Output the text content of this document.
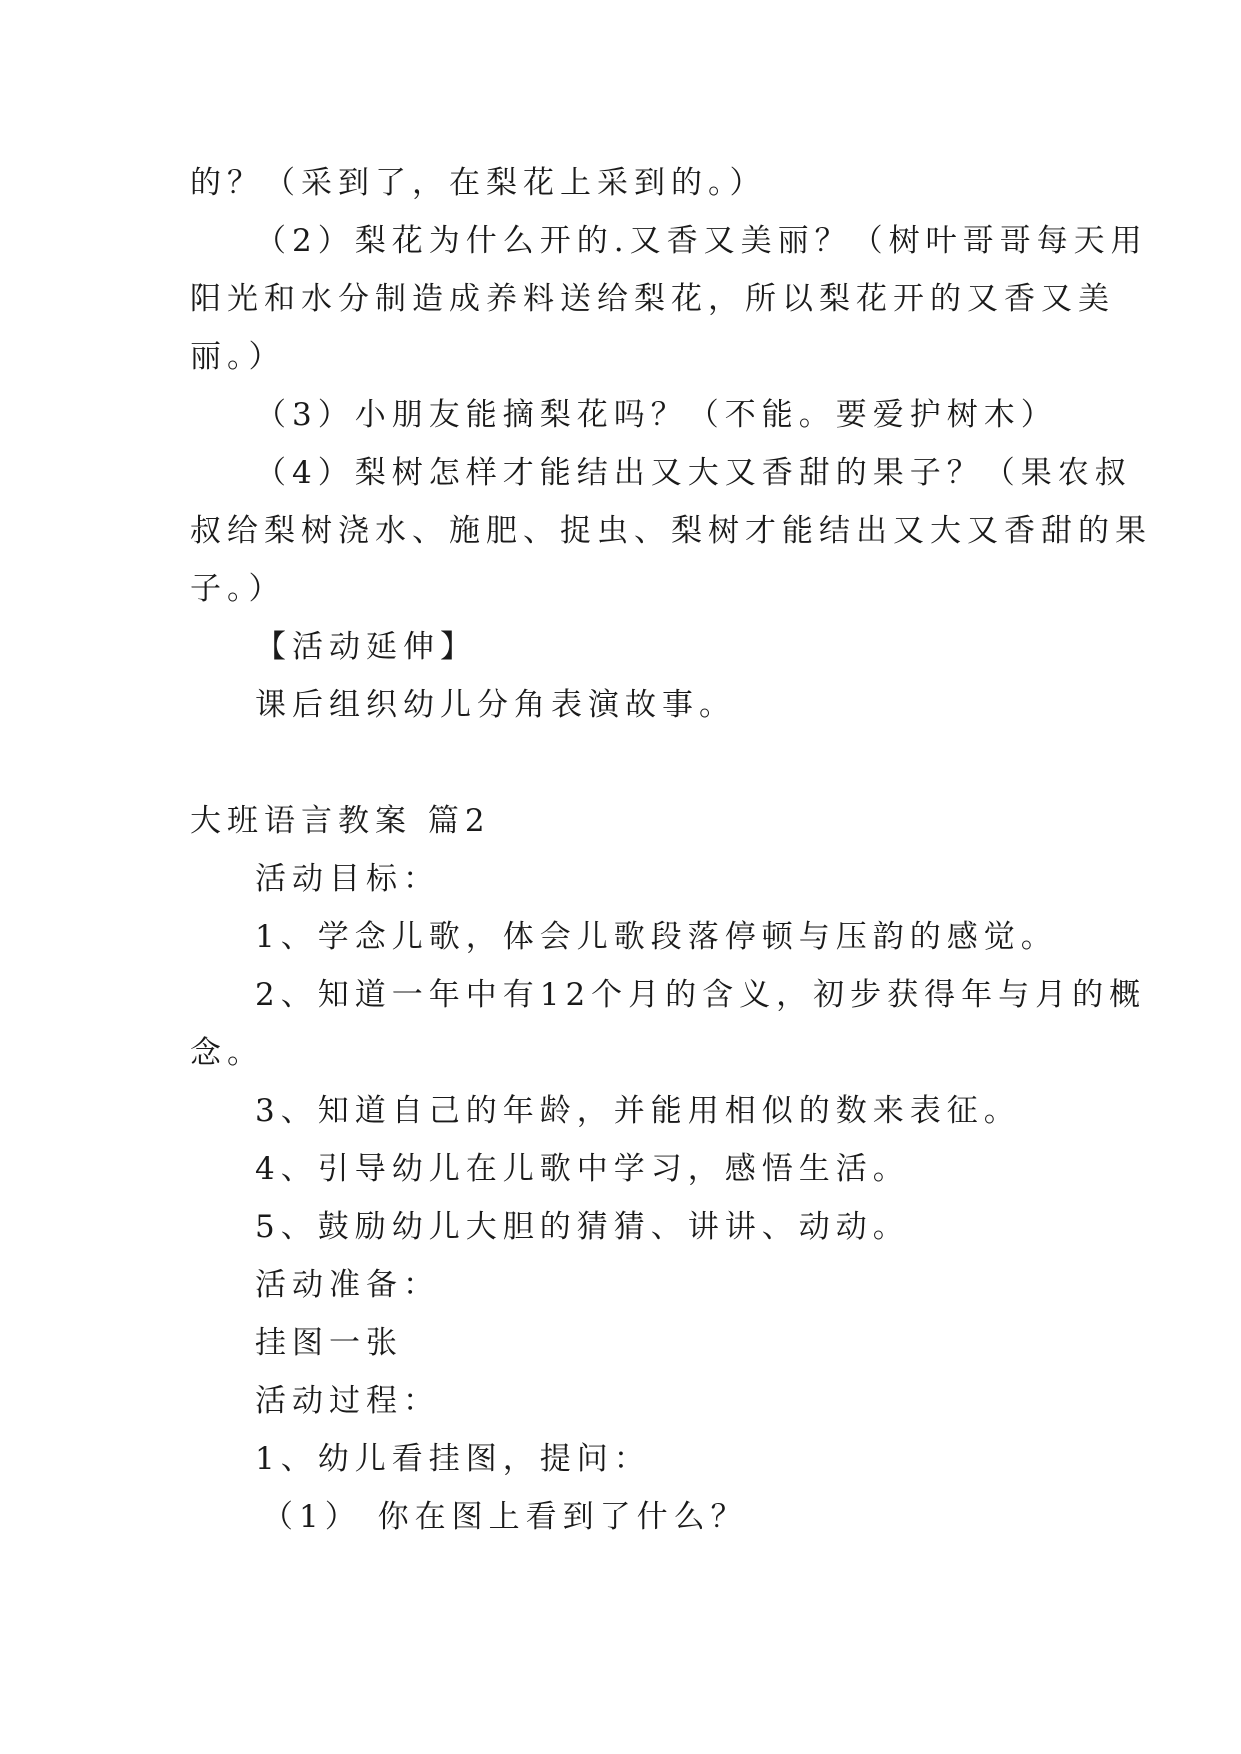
的？（采到了，在梨花上采到的。）
（2）梨花为什么开的.又香又美丽？（树叶哥哥每天用
阳光和水分制造成养料送给梨花，所以梨花开的又香又美
丽。）
（3）小朋友能摘梨花吗？（不能。要爱护树木）
（4）梨树怎样才能结出又大又香甜的果子？（果农叔
叔给梨树浇水、施肥、捉虫、梨树才能结出又大又香甜的果
子。）
【活动延伸】
课后组织幼儿分角表演故事。
大班语言教案 篇2
活动目标：
1、学念儿歌，体会儿歌段落停顿与压韵的感觉。
2、知道一年中有12个月的含义，初步获得年与月的概
念。
3、知道自己的年龄，并能用相似的数来表征。
4、引导幼儿在儿歌中学习，感悟生活。
5、鼓励幼儿大胆的猜猜、讲讲、动动。
活动准备：
挂图一张
活动过程：
1、幼儿看挂图，提问：
（1） 你在图上看到了什么？
